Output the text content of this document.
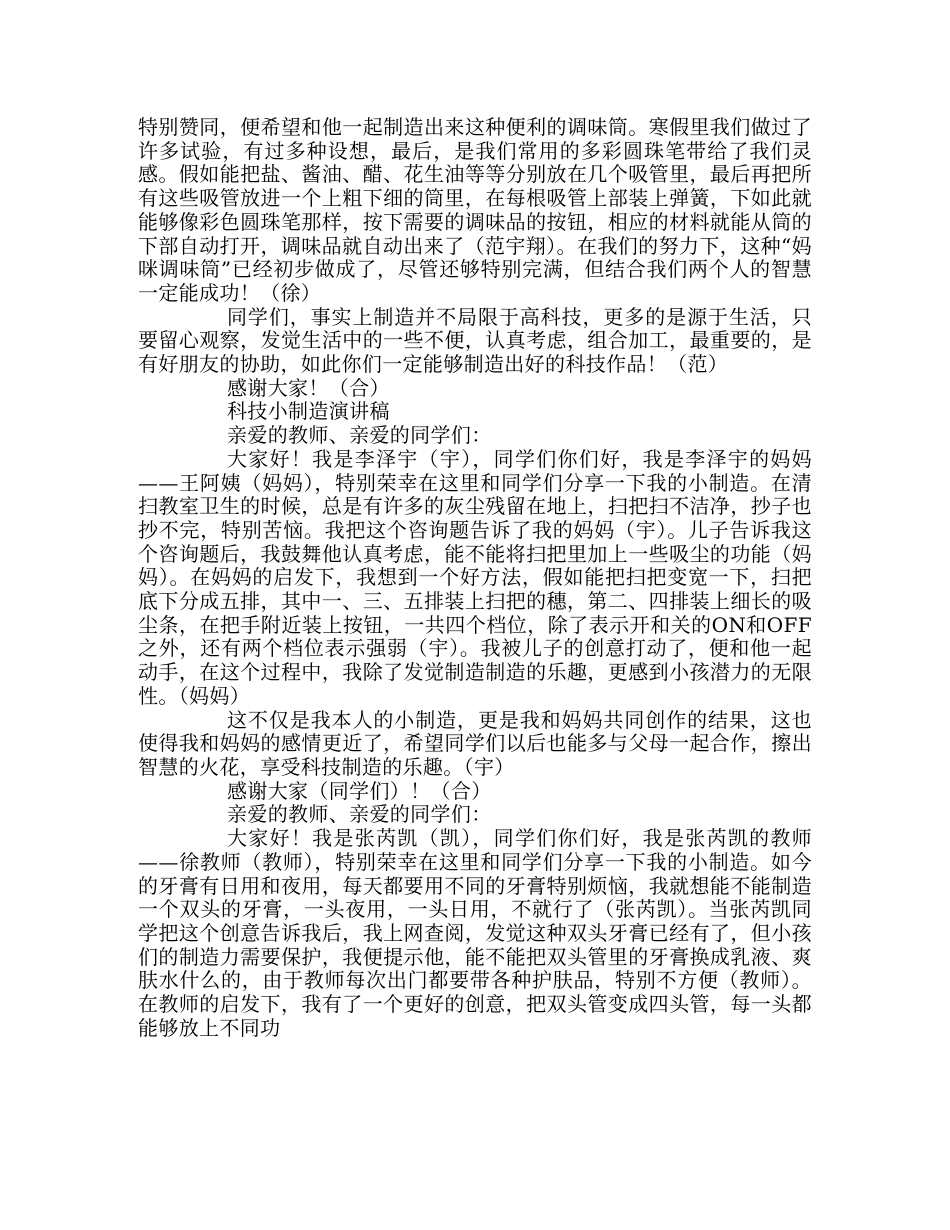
特别赞同，便希望和他一起制造出来这种便利的调味筒。寒假里我们做过了许多试验，有过多种设想，最后，是我们常用的多彩圆珠笔带给了我们灵感。假如能把盐、酱油、醋、花生油等等分别放在几个吸管里，最后再把所有这些吸管放进一个上粗下细的筒里，在每根吸管上部装上弹簧，下如此就能够像彩色圆珠笔那样，按下需要的调味品的按钮，相应的材料就能从筒的下部自动打开，调味品就自动出来了（范宇翔）。在我们的努力下，这种“妈咪调味筒”已经初步做成了，尽管还够特别完满，但结合我们两个人的智慧一定能成功！（徐）

同学们，事实上制造并不局限于高科技，更多的是源于生活，只要留心观察，发觉生活中的一些不便，认真考虑，组合加工，最重要的，是有好朋友的协助，如此你们一定能够制造出好的科技作品！（范）

感谢大家！（合）

科技小制造演讲稿

亲爱的教师、亲爱的同学们：

大家好！我是李泽宇（宇），同学们你们好，我是李泽宇的妈妈——王阿姨（妈妈），特别荣幸在这里和同学们分享一下我的小制造。在清扫教室卫生的时候，总是有许多的灰尘残留在地上，扫把扫不洁净，抄子也抄不完，特别苦恼。我把这个咨询题告诉了我的妈妈（宇）。儿子告诉我这个咨询题后，我鼓舞他认真考虑，能不能将扫把里加上一些吸尘的功能（妈妈）。在妈妈的启发下，我想到一个好方法，假如能把扫把变宽一下，扫把底下分成五排，其中一、三、五排装上扫把的穗，第二、四排装上细长的吸尘条，在把手附近装上按钮，一共四个档位，除了表示开和关的ON和OFF之外，还有两个档位表示强弱（宇）。我被儿子的创意打动了，便和他一起动手，在这个过程中，我除了发觉制造制造的乐趣，更感到小孩潜力的无限性。（妈妈）

这不仅是我本人的小制造，更是我和妈妈共同创作的结果，这也使得我和妈妈的感情更近了，希望同学们以后也能多与父母一起合作，擦出智慧的火花，享受科技制造的乐趣。（宇）

感谢大家（同学们）！（合）

亲爱的教师、亲爱的同学们：

大家好！我是张芮凯（凯），同学们你们好，我是张芮凯的教师——徐教师（教师），特别荣幸在这里和同学们分享一下我的小制造。如今的牙膏有日用和夜用，每天都要用不同的牙膏特别烦恼，我就想能不能制造一个双头的牙膏，一头夜用，一头日用，不就行了（张芮凯）。当张芮凯同学把这个创意告诉我后，我上网查阅，发觉这种双头牙膏已经有了，但小孩们的制造力需要保护，我便提示他，能不能把双头管里的牙膏换成乳液、爽肤水什么的，由于教师每次出门都要带各种护肤品，特别不方便（教师）。在教师的启发下，我有了一个更好的创意，把双头管变成四头管，每一头都能够放上不同功
